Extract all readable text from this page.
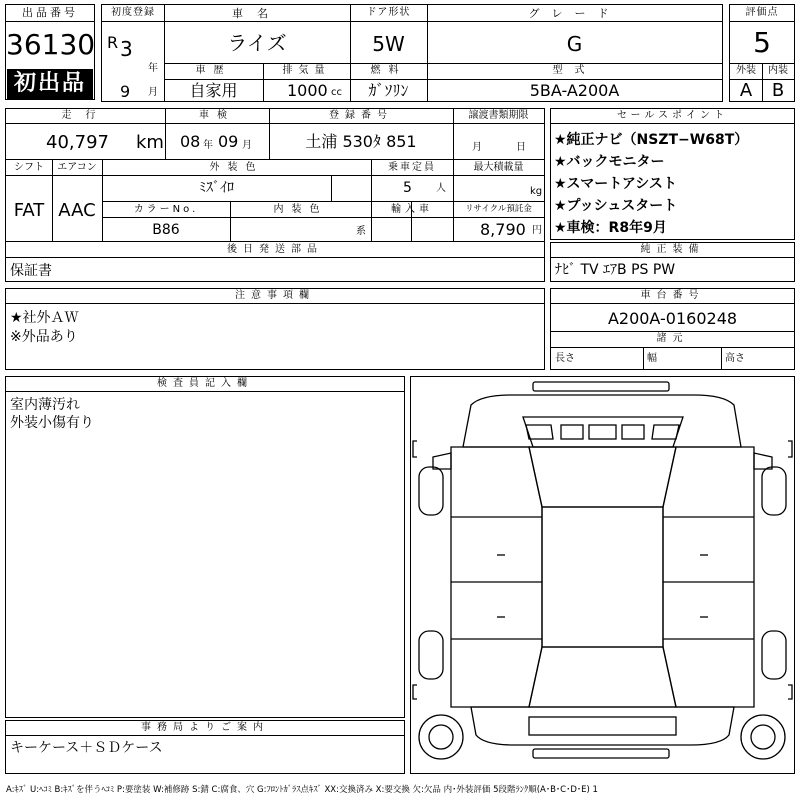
出品番号
36130
初出品
初度登録
R 3
年
9 月
車名
ライズ
車歴
自家用
排気量
1000 cc
ドア形状
5W
燃料
ｶﾞｿﾘﾝ
グレード
G
型式
5BA-A200A
評価点
5
外装	内装
A	B
走行
40,797 km
車検
08 年 09 月
登録番号
土浦 530ﾀ 851
譲渡書類期限
月	日
シフト
FAT
エアコン
AAC
外装色
ﾐｽﾞｲﾛ
カラーNo.
B86
内装色
系
乗車定員
5 人
輸入車
最大積載量
kg
リサイクル預託金
8,790 円
後日発送部品
保証書
セールスポイント
★純正ナビ（NSZT−W68T）
★バックモニター
★スマートアシスト
★プッシュスタート
★車検：R8年9月
純正装備
ﾅﾋﾞ TV ｴｱB PS PW
注意事項欄
★社外ＡＷ
※外品あり
車台番号
A200A-0160248
諸元
長さ	幅	高さ
検査員記入欄
室内薄汚れ
外装小傷有り
事務局よりご案内
キーケース＋ＳＤケース
A:ｷｽﾞ U:ﾍｺﾐ B:ｷｽﾞを伴うﾍｺﾐ P:要塗装 W:補修跡 S:錆 C:腐食、穴 G:ﾌﾛﾝﾄｶﾞﾗｽ点ｷｽﾞ XX:交換済み X:要交換 欠:欠品 内･外装評価 5段階ﾗﾝｸ順(A･B･C･D･E) 1
